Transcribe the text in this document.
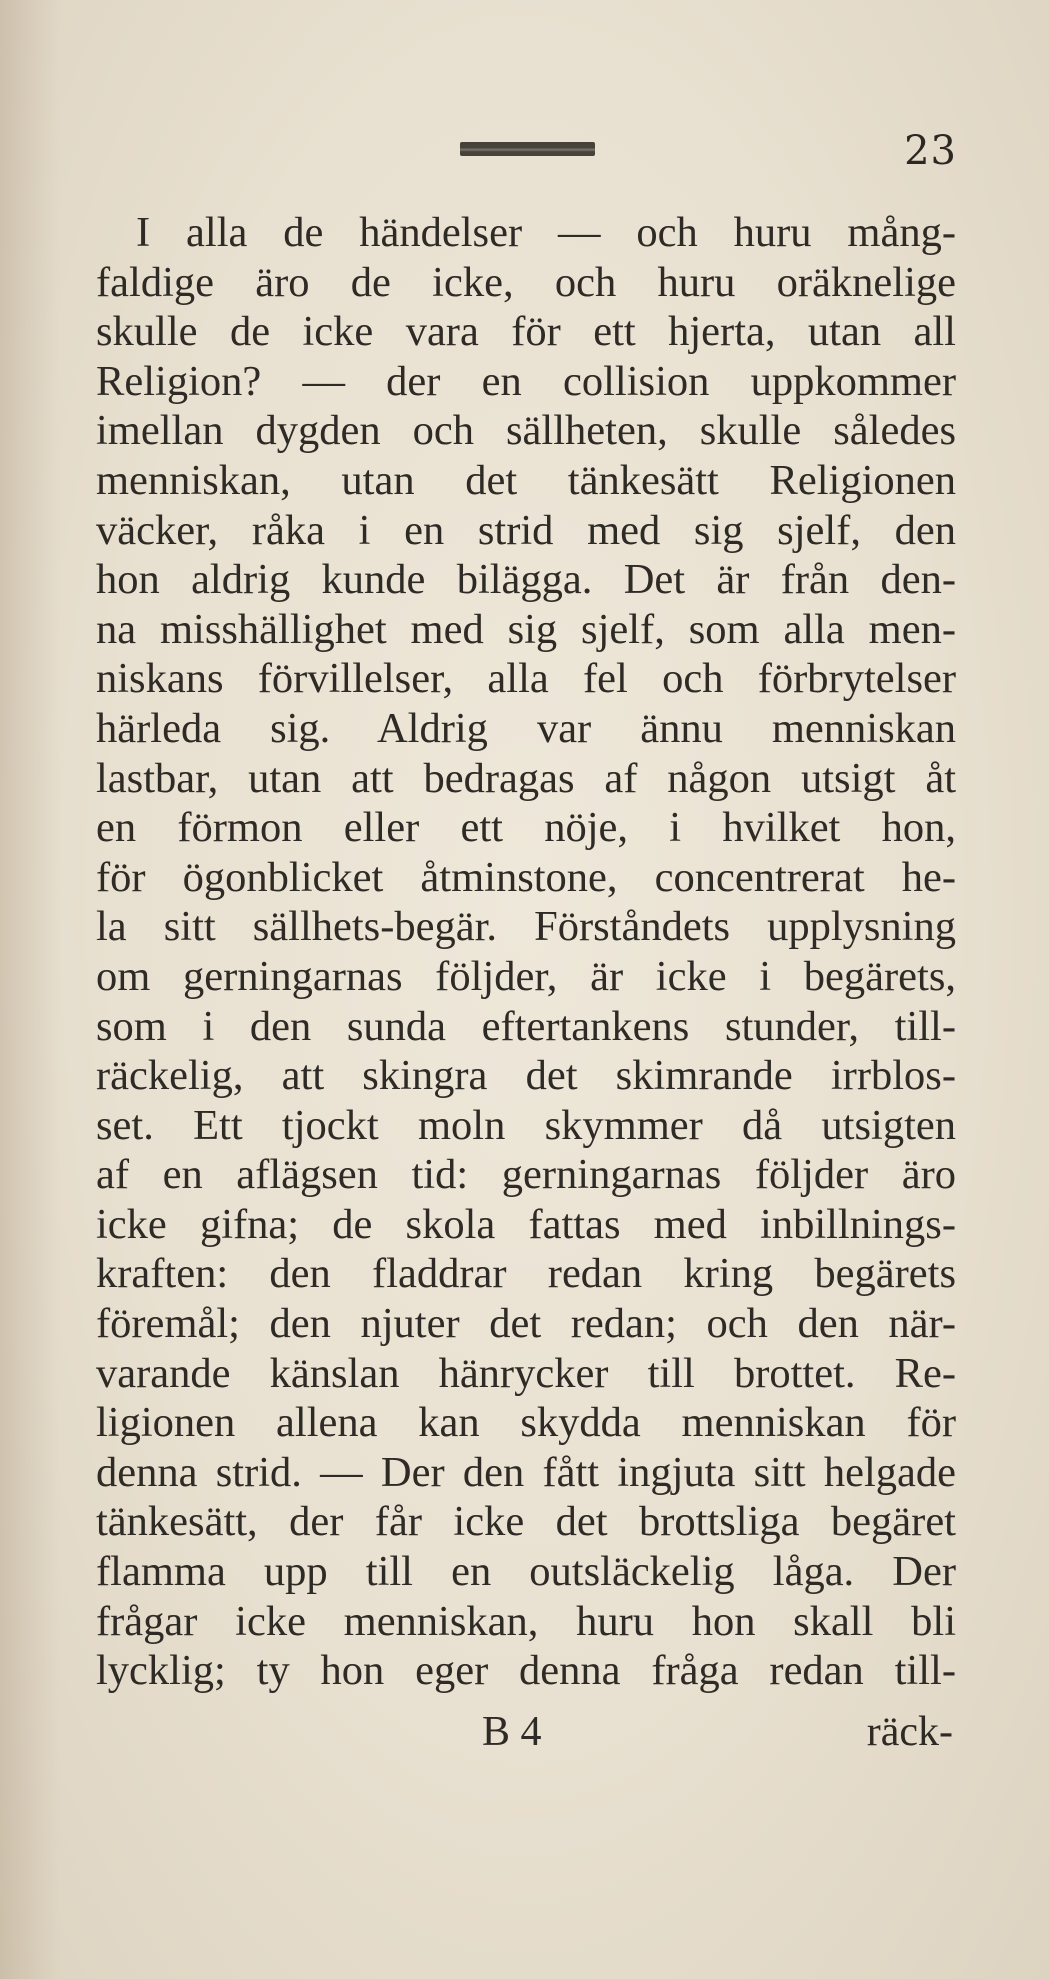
23
I alla de händelser — och huru mång-
faldige äro de icke, och huru oräknelige
skulle de icke vara för ett hjerta, utan all
Religion? — der en collision uppkommer
imellan dygden och sällheten, skulle således
menniskan, utan det tänkesätt Religionen
väcker, råka i en strid med sig sjelf, den
hon aldrig kunde bilägga. Det är från den-
na misshällighet med sig sjelf, som alla men-
niskans förvillelser, alla fel och förbrytelser
härleda sig. Aldrig var ännu menniskan
lastbar, utan att bedragas af någon utsigt åt
en förmon eller ett nöje, i hvilket hon,
för ögonblicket åtminstone, concentrerat he-
la sitt sällhets-begär. Förståndets upplysning
om gerningarnas följder, är icke i begärets,
som i den sunda eftertankens stunder, till-
räckelig, att skingra det skimrande irrblos-
set. Ett tjockt moln skymmer då utsigten
af en aflägsen tid: gerningarnas följder äro
icke gifna; de skola fattas med inbillnings-
kraften: den fladdrar redan kring begärets
föremål; den njuter det redan; och den när-
varande känslan hänrycker till brottet. Re-
ligionen allena kan skydda menniskan för
denna strid. — Der den fått ingjuta sitt helgade
tänkesätt, der får icke det brottsliga begäret
flamma upp till en outsläckelig låga. Der
frågar icke menniskan, huru hon skall bli
lycklig; ty hon eger denna fråga redan till-
B 4	räck-
